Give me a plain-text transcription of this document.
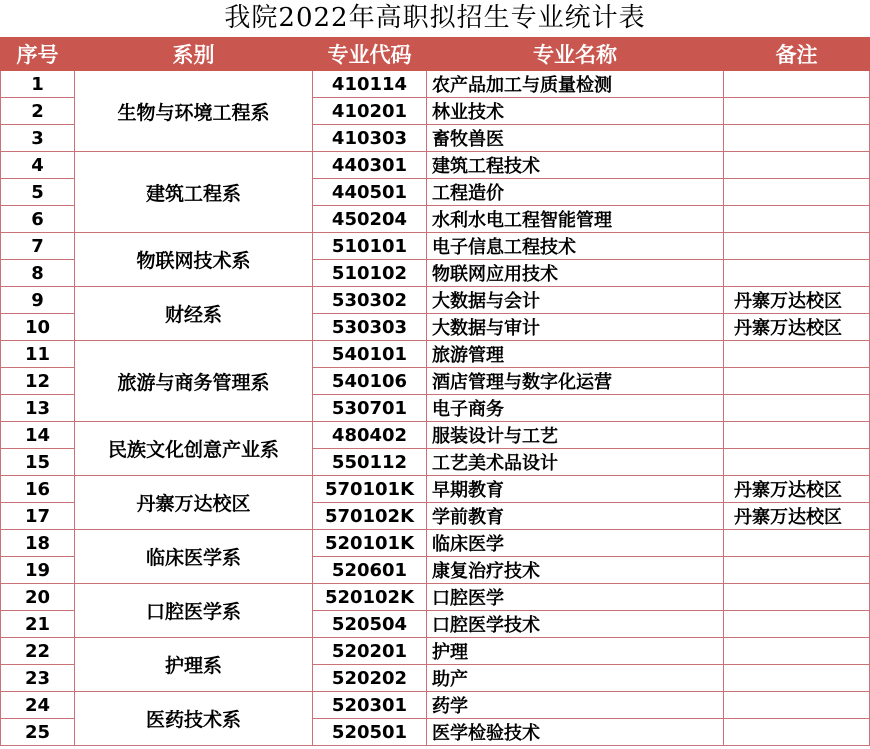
我院2022年高职拟招生专业统计表
序号	系别	专业代码	专业名称	备注
1	生物与环境工程系	410114	农产品加工与质量检测	
2		410201	林业技术	
3		410303	畜牧兽医	
4	建筑工程系	440301	建筑工程技术	
5		440501	工程造价	
6		450204	水利水电工程智能管理	
7	物联网技术系	510101	电子信息工程技术	
8		510102	物联网应用技术	
9	财经系	530302	大数据与会计	丹寨万达校区
10		530303	大数据与审计	丹寨万达校区
11	旅游与商务管理系	540101	旅游管理	
12		540106	酒店管理与数字化运营	
13		530701	电子商务	
14	民族文化创意产业系	480402	服装设计与工艺	
15		550112	工艺美术品设计	
16	丹寨万达校区	570101K	早期教育	丹寨万达校区
17		570102K	学前教育	丹寨万达校区
18	临床医学系	520101K	临床医学	
19		520601	康复治疗技术	
20	口腔医学系	520102K	口腔医学	
21		520504	口腔医学技术	
22	护理系	520201	护理	
23		520202	助产	
24	医药技术系	520301	药学	
25		520501	医学检验技术	
